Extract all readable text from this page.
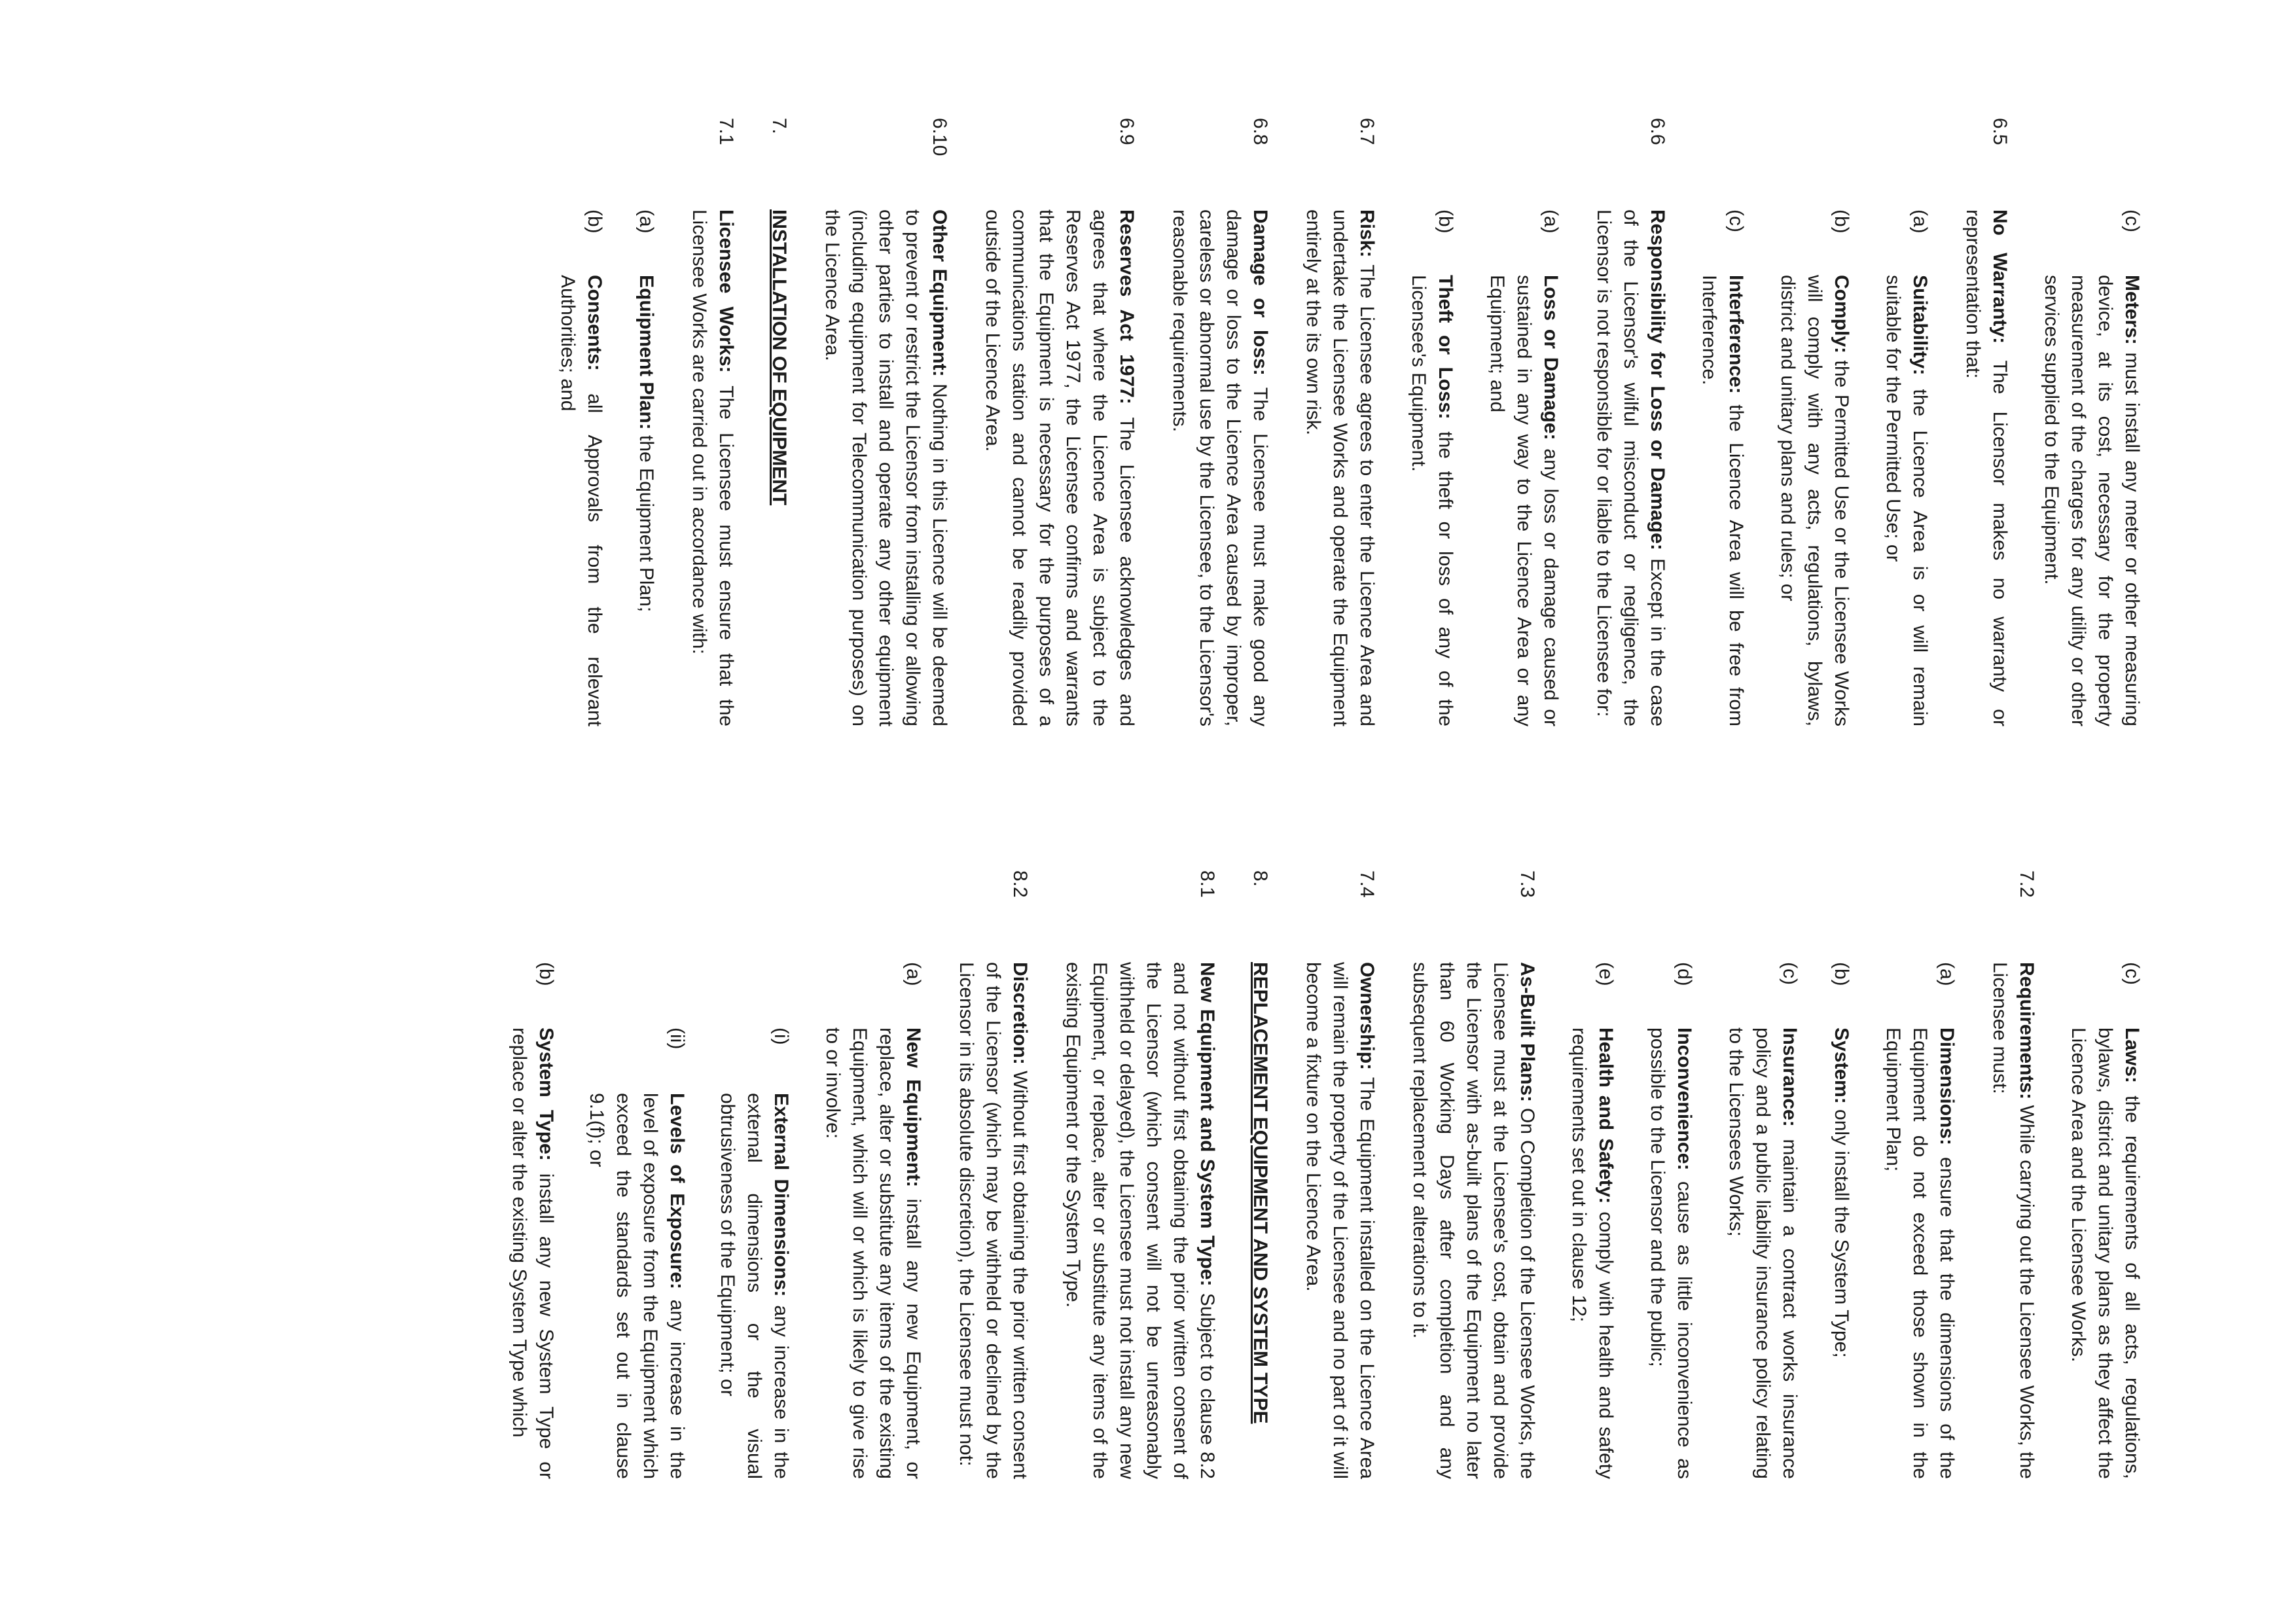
(c)
Meters: must install any meter or other measuring device, at its cost, necessary for the property measurement of the charges for any utility or other services supplied to the Equipment.
6.5
No Warranty: The Licensor makes no warranty or representation that:
(a)
Suitability: the Licence Area is or will remain suitable for the Permitted Use; or
(b)
Comply: the Permitted Use or the Licensee Works will comply with any acts, regulations, bylaws, district and unitary plans and rules; or
(c)
Interference: the Licence Area will be free from Interference.
6.6
Responsibility for Loss or Damage: Except in the case of the Licensor's wilful misconduct or negligence, the Licensor is not responsible for or liable to the Licensee for:
(a)
Loss or Damage: any loss or damage caused or sustained in any way to the Licence Area or any Equipment; and
(b)
Theft or Loss: the theft or loss of any of the Licensee's Equipment.
6.7
Risk: The Licensee agrees to enter the Licence Area and undertake the Licensee Works and operate the Equipment entirely at the its own risk.
6.8
Damage or loss: The Licensee must make good any damage or loss to the Licence Area caused by improper, careless or abnormal use by the Licensee, to the Licensor's reasonable requirements.
6.9
Reserves Act 1977: The Licensee acknowledges and agrees that where the Licence Area is subject to the Reserves Act 1977, the Licensee confirms and warrants that the Equipment is necessary for the purposes of a communications station and cannot be readily provided outside of the Licence Area.
6.10
Other Equipment: Nothing in this Licence will be deemed to prevent or restrict the Licensor from installing or allowing other parties to install and operate any other equipment (including equipment for Telecommunication purposes) on the Licence Area.
7.
INSTALLATION OF EQUIPMENT
7.1
Licensee Works: The Licensee must ensure that the Licensee Works are carried out in accordance with:
(a)
Equipment Plan: the Equipment Plan;
(b)
Consents: all Approvals from the relevant Authorities; and
(c)
Laws: the requirements of all acts, regulations, bylaws, district and unitary plans as they affect the Licence Area and the Licensee Works.
7.2
Requirements: While carrying out the Licensee Works, the Licensee must:
(a)
Dimensions: ensure that the dimensions of the Equipment do not exceed those shown in the Equipment Plan;
(b)
System: only install the System Type;
(c)
Insurance: maintain a contract works insurance policy and a public liability insurance policy relating to the Licensees Works;
(d)
Inconvenience: cause as little inconvenience as possible to the Licensor and the public;
(e)
Health and Safety: comply with health and safety requirements set out in clause 12;
7.3
As-Built Plans: On Completion of the Licensee Works, the Licensee must at the Licensee's cost, obtain and provide the Licensor with as-built plans of the Equipment no later than 60 Working Days after completion and any subsequent replacement or alterations to it.
7.4
Ownership: The Equipment installed on the Licence Area will remain the property of the Licensee and no part of it will become a fixture on the Licence Area.
8.
REPLACEMENT EQUIPMENT AND SYSTEM TYPE
8.1
New Equipment and System Type: Subject to clause 8.2 and not without first obtaining the prior written consent of the Licensor (which consent will not be unreasonably withheld or delayed), the Licensee must not install any new Equipment, or replace, alter or substitute any items of the existing Equipment or the System Type.
8.2
Discretion: Without first obtaining the prior written consent of the Licensor (which may be withheld or declined by the Licensor in its absolute discretion), the Licensee must not:
(a)
New Equipment: install any new Equipment, or replace, alter or substitute any items of the existing Equipment, which will or which is likely to give rise to or involve:
(i)
External Dimensions: any increase in the external dimensions or the visual obtrusiveness of the Equipment; or
(ii)
Levels of Exposure: any increase in the level of exposure from the Equipment which exceed the standards set out in clause 9.1(f); or
(b)
System Type: install any new System Type or replace or alter the existing System Type which
